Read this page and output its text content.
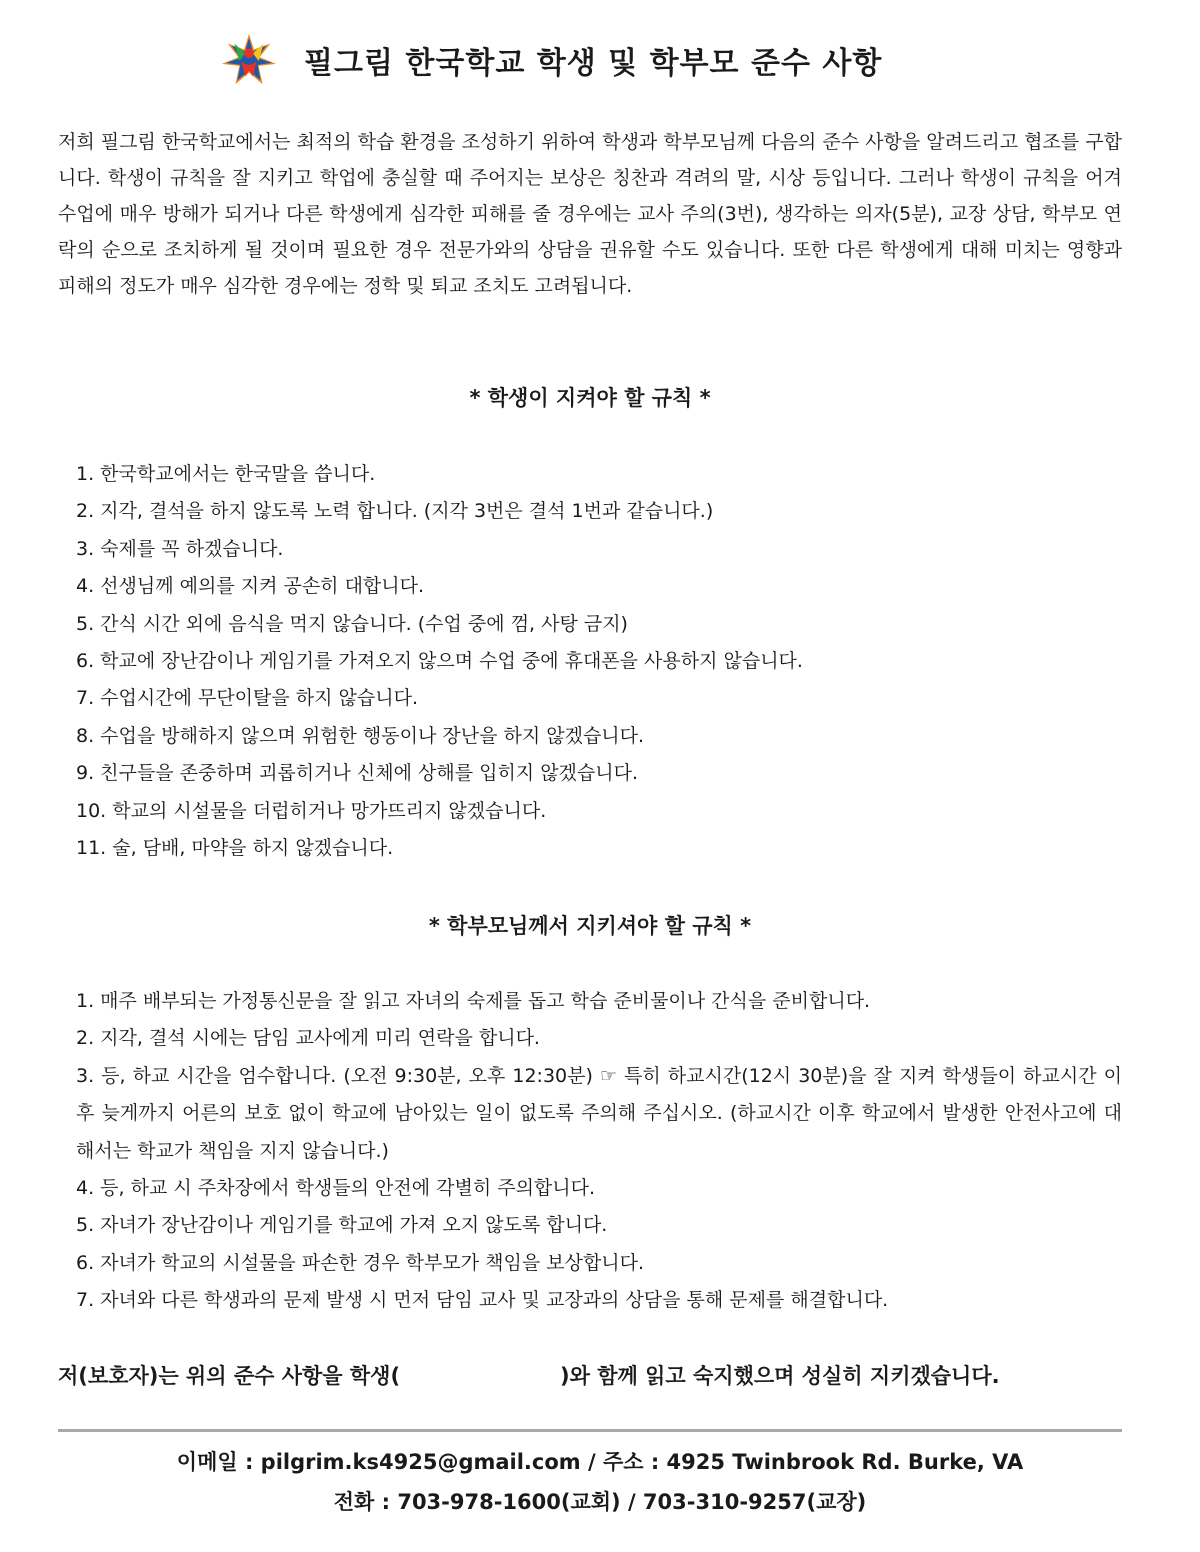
필그림 한국학교 학생 및 학부모 준수 사항

저희 필그림 한국학교에서는 최적의 학습 환경을 조성하기 위하여 학생과 학부모님께 다음의 준수 사항을 알려드리고 협조를 구합니다. 학생이 규칙을 잘 지키고 학업에 충실할 때 주어지는 보상은 칭찬과 격려의 말, 시상 등입니다. 그러나 학생이 규칙을 어겨 수업에 매우 방해가 되거나 다른 학생에게 심각한 피해를 줄 경우에는 교사 주의(3번), 생각하는 의자(5분), 교장 상담, 학부모 연락의 순으로 조치하게 될 것이며 필요한 경우 전문가와의 상담을 권유할 수도 있습니다. 또한 다른 학생에게 대해 미치는 영향과 피해의 정도가 매우 심각한 경우에는 정학 및 퇴교 조치도 고려됩니다.

* 학생이 지켜야 할 규칙 *
1. 한국학교에서는 한국말을 씁니다.
2. 지각, 결석을 하지 않도록 노력 합니다. (지각 3번은 결석 1번과 같습니다.)
3. 숙제를 꼭 하겠습니다.
4. 선생님께 예의를 지켜 공손히 대합니다.
5. 간식 시간 외에 음식을 먹지 않습니다. (수업 중에 껌, 사탕 금지)
6. 학교에 장난감이나 게임기를 가져오지 않으며 수업 중에 휴대폰을 사용하지 않습니다.
7. 수업시간에 무단이탈을 하지 않습니다.
8. 수업을 방해하지 않으며 위험한 행동이나 장난을 하지 않겠습니다.
9. 친구들을 존중하며 괴롭히거나 신체에 상해를 입히지 않겠습니다.
10. 학교의 시설물을 더럽히거나 망가뜨리지 않겠습니다.
11. 술, 담배, 마약을 하지 않겠습니다.
* 학부모님께서 지키셔야 할 규칙 *
1. 매주 배부되는 가정통신문을 잘 읽고 자녀의 숙제를 돕고 학습 준비물이나 간식을 준비합니다.
2. 지각, 결석 시에는 담임 교사에게 미리 연락을 합니다.
3. 등, 하교 시간을 엄수합니다. (오전 9:30분, 오후 12:30분) ☞ 특히 하교시간(12시 30분)을 잘 지켜 학생들이 하교시간 이후 늦게까지 어른의 보호 없이 학교에 남아있는 일이 없도록 주의해 주십시오. (하교시간 이후 학교에서 발생한 안전사고에 대해서는 학교가 책임을 지지 않습니다.)
4. 등, 하교 시 주차장에서 학생들의 안전에 각별히 주의합니다.
5. 자녀가 장난감이나 게임기를 학교에 가져 오지 않도록 합니다.
6. 자녀가 학교의 시설물을 파손한 경우 학부모가 책임을 보상합니다.
7. 자녀와 다른 학생과의 문제 발생 시 먼저 담임 교사 및 교장과의 상담을 통해 문제를 해결합니다.
저(보호자)는 위의 준수 사항을 학생(	)와 함께 읽고 숙지했으며 성실히 지키겠습니다.
이메일 : pilgrim.ks4925@gmail.com / 주소 : 4925 Twinbrook Rd. Burke, VA
전화 : 703-978-1600(교회) / 703-310-9257(교장)
